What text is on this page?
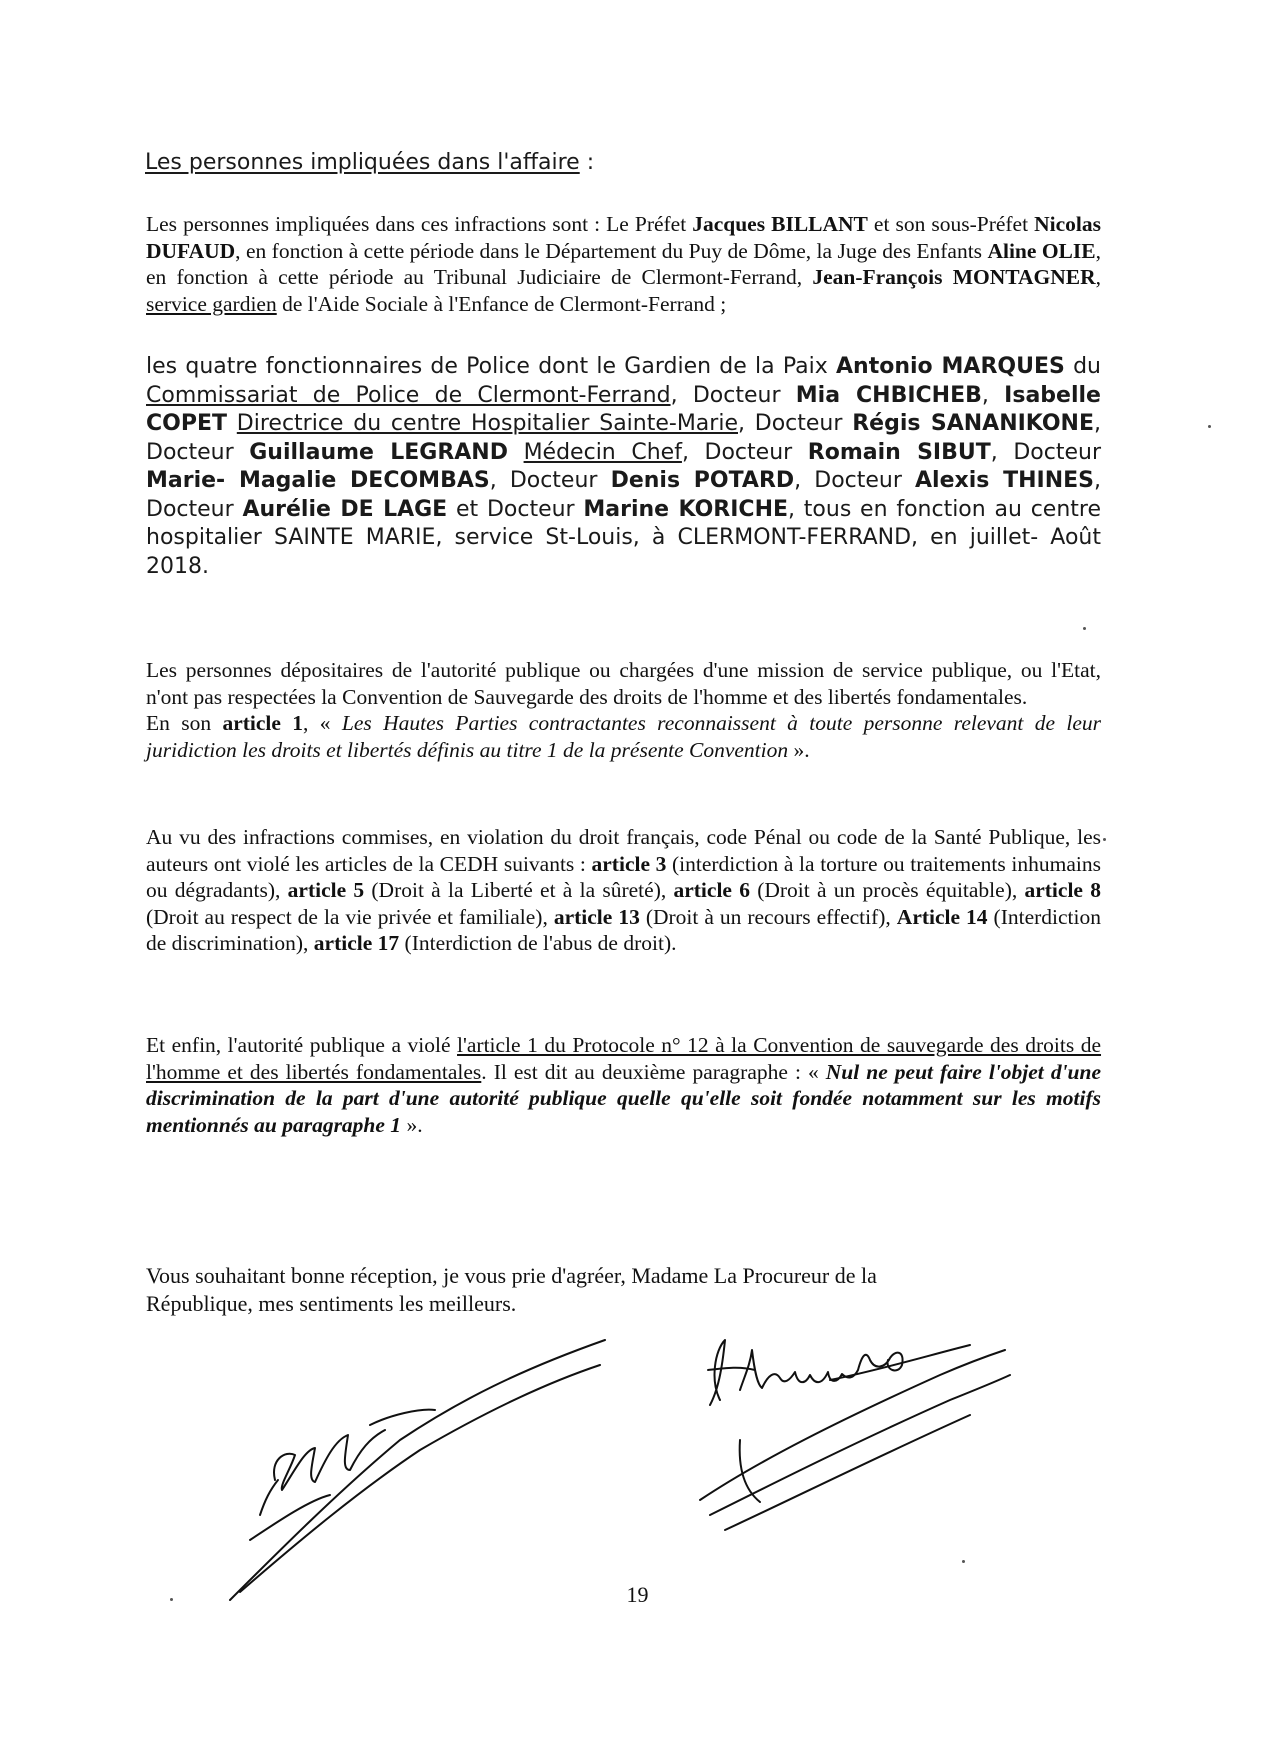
Les personnes impliquées dans l'affaire :
Les personnes impliquées dans ces infractions sont : Le Préfet Jacques BILLANT et son sous-Préfet Nicolas DUFAUD, en fonction à cette période dans le Département du Puy de Dôme, la Juge des Enfants Aline OLIE, en fonction à cette période au Tribunal Judiciaire de Clermont-Ferrand, Jean-François MONTAGNER, service gardien de l'Aide Sociale à l'Enfance de Clermont-Ferrand ;
les quatre fonctionnaires de Police dont le Gardien de la Paix Antonio MARQUES du Commissariat de Police de Clermont-Ferrand, Docteur Mia CHBICHEB, Isabelle COPET Directrice du centre Hospitalier Sainte-Marie, Docteur Régis SANANIKONE, Docteur Guillaume LEGRAND Médecin Chef, Docteur Romain SIBUT, Docteur Marie- Magalie DECOMBAS, Docteur Denis POTARD, Docteur Alexis THINES, Docteur Aurélie DE LAGE et Docteur Marine KORICHE, tous en fonction au centre hospitalier SAINTE MARIE, service St-Louis, à CLERMONT-FERRAND, en juillet- Août 2018.
Les personnes dépositaires de l'autorité publique ou chargées d'une mission de service publique, ou l'Etat, n'ont pas respectées la Convention de Sauvegarde des droits de l'homme et des libertés fondamentales.
En son article 1, « Les Hautes Parties contractantes reconnaissent à toute personne relevant de leur juridiction les droits et libertés définis au titre 1 de la présente Convention ».
Au vu des infractions commises, en violation du droit français, code Pénal ou code de la Santé Publique, les auteurs ont violé les articles de la CEDH suivants : article 3 (interdiction à la torture ou traitements inhumains ou dégradants), article 5 (Droit à la Liberté et à la sûreté), article 6 (Droit à un procès équitable), article 8 (Droit au respect de la vie privée et familiale), article 13 (Droit à un recours effectif), Article 14 (Interdiction de discrimination), article 17 (Interdiction de l'abus de droit).
Et enfin, l'autorité publique a violé l'article 1 du Protocole n° 12 à la Convention de sauvegarde des droits de l'homme et des libertés fondamentales. Il est dit au deuxième paragraphe : « Nul ne peut faire l'objet d'une discrimination de la part d'une autorité publique quelle qu'elle soit fondée notamment sur les motifs mentionnés au paragraphe 1 ».
Vous souhaitant bonne réception, je vous prie d'agréer, Madame La Procureur de la
République, mes sentiments les meilleurs.
19
